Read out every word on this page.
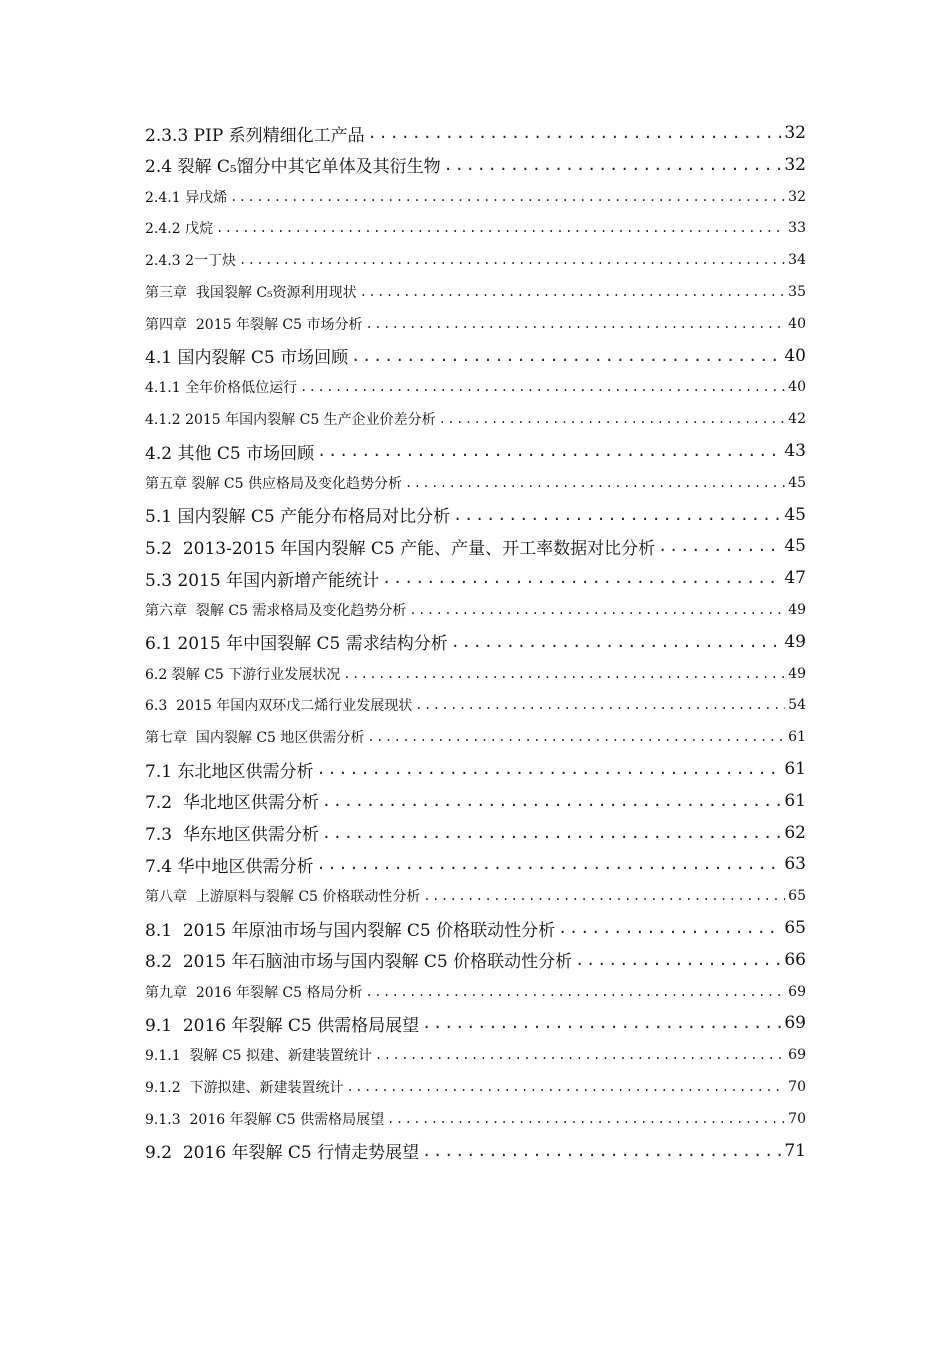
2.3.3 PIP 系列精细化工产品 .....	32
2.4 裂解 C₅馏分中其它单体及其衍生物 .....	32
2.4.1 异戊烯 .....	32
2.4.2 戊烷 .....	33
2.4.3 2一丁炔 .....	34
第三章  我国裂解 C₅资源利用现状 .....	35
第四章  2015 年裂解 C5 市场分析 .....	40
4.1 国内裂解 C5 市场回顾 .....	40
4.1.1 全年价格低位运行 .....	40
4.1.2 2015 年国内裂解 C5 生产企业价差分析 .....	42
4.2 其他 C5 市场回顾 .....	43
第五章 裂解 C5 供应格局及变化趋势分析 .....	45
5.1 国内裂解 C5 产能分布格局对比分析 .....	45
5.2  2013-2015 年国内裂解 C5 产能、产量、开工率数据对比分析 .....	45
5.3 2015 年国内新增产能统计 .....	47
第六章  裂解 C5 需求格局及变化趋势分析 .....	49
6.1 2015 年中国裂解 C5 需求结构分析 .....	49
6.2 裂解 C5 下游行业发展状况 .....	49
6.3  2015 年国内双环戊二烯行业发展现状 .....	54
第七章  国内裂解 C5 地区供需分析 .....	61
7.1 东北地区供需分析 .....	61
7.2  华北地区供需分析 .....	61
7.3  华东地区供需分析 .....	62
7.4 华中地区供需分析 .....	63
第八章  上游原料与裂解 C5 价格联动性分析 .....	65
8.1  2015 年原油市场与国内裂解 C5 价格联动性分析 .....	65
8.2  2015 年石脑油市场与国内裂解 C5 价格联动性分析 .....	66
第九章  2016 年裂解 C5 格局分析 .....	69
9.1  2016 年裂解 C5 供需格局展望 .....	69
9.1.1  裂解 C5 拟建、新建装置统计 .....	69
9.1.2  下游拟建、新建装置统计 .....	70
9.1.3  2016 年裂解 C5 供需格局展望 .....	70
9.2  2016 年裂解 C5 行情走势展望 .....	71
